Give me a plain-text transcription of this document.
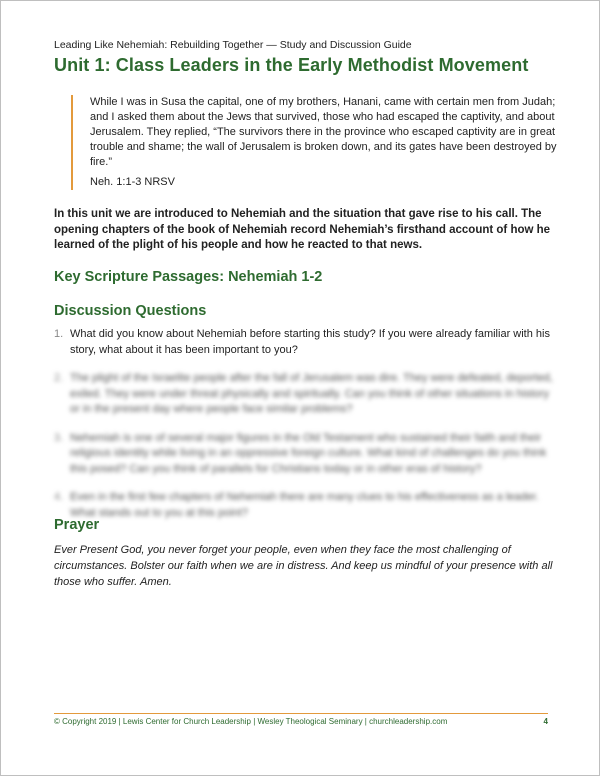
Leading Like Nehemiah: Rebuilding Together — Study and Discussion Guide
Unit 1: Class Leaders in the Early Methodist Movement

While I was in Susa the capital, one of my brothers, Hanani, came with certain men from Judah; and I asked them about the Jews that survived, those who had escaped the captivity, and about Jerusalem. They replied, “The survivors there in the province who escaped captivity are in great trouble and shame; the wall of Jerusalem is broken down, and its gates have been destroyed by fire.”

Neh. 1:1-3 NRSV

In this unit we are introduced to Nehemiah and the situation that gave rise to his call. The opening chapters of the book of Nehemiah record Nehemiah’s firsthand account of how he learned of the plight of his people and how he reacted to that news.

Key Scripture Passages: Nehemiah 1-2
Discussion Questions
1. What did you know about Nehemiah before starting this study? If you were already familiar with his story, what about it has been important to you?
2. The plight of the Israelite people after the fall of Jerusalem was dire. They were defeated, deported, exiled. They were under threat physically and spiritually. Can you think of other situations in history or in the present day where people face similar problems?
3. Nehemiah is one of several major figures in the Old Testament who sustained their faith and their religious identity while living in an oppressive foreign culture. What kind of challenges do you think this posed? Can you think of parallels for Christians today or in other eras of history?
4. Even in the first few chapters of Nehemiah there are many clues to his effectiveness as a leader. What stands out to you at this point?
Prayer

Ever Present God, you never forget your people, even when they face the most challenging of circumstances. Bolster our faith when we are in distress. And keep us mindful of your presence with all those who suffer. Amen.

© Copyright 2019 | Lewis Center for Church Leadership | Wesley Theological Seminary | churchleadership.com	4
